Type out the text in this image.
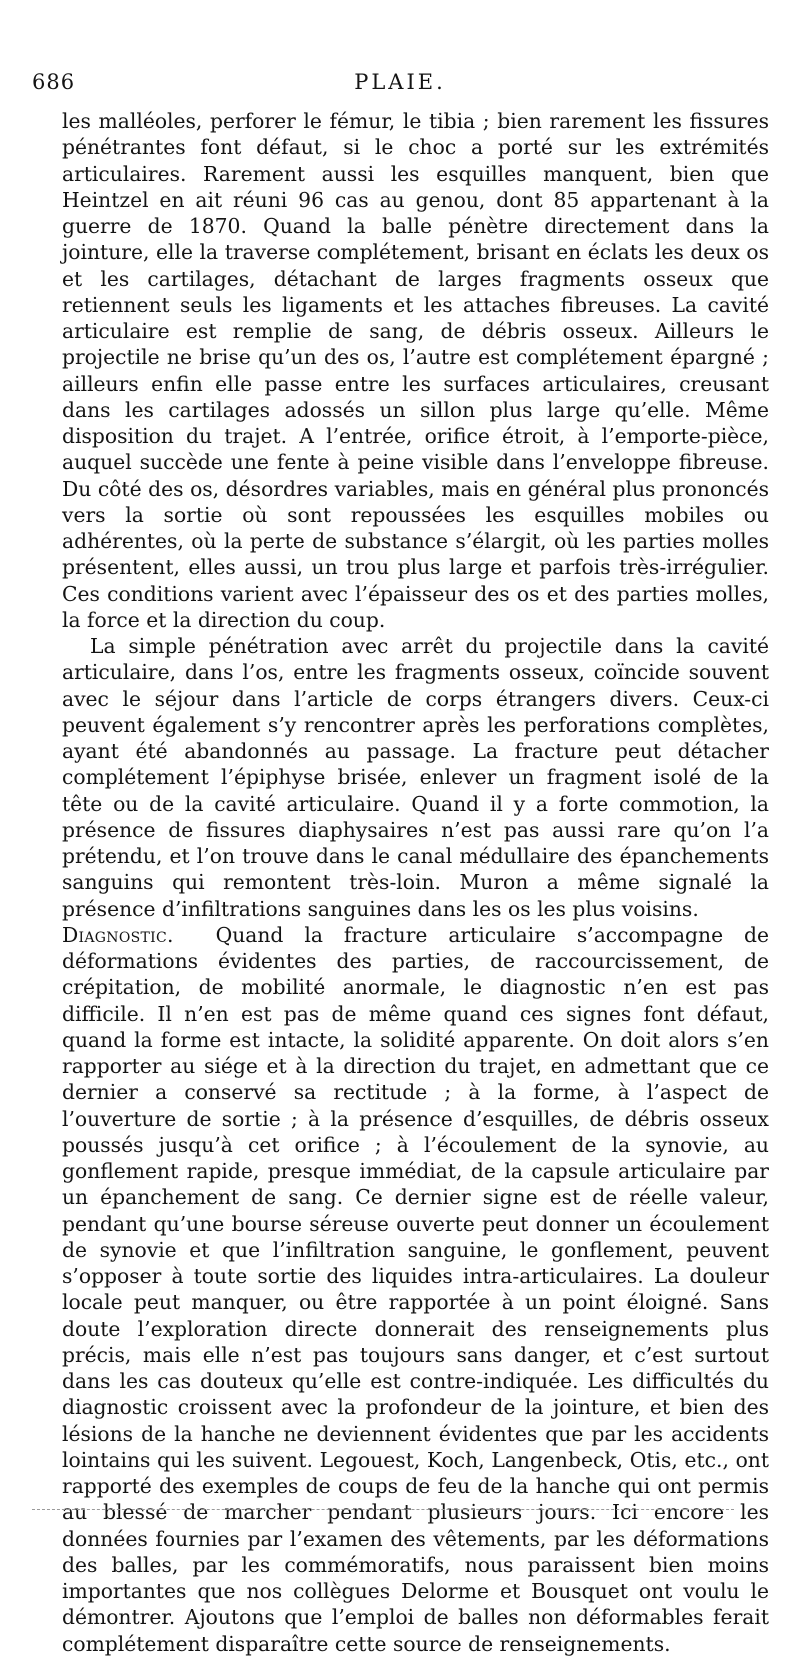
686	PLAIE.

les malléoles, perforer le fémur, le tibia ; bien rarement les fissures pénétrantes font défaut, si le choc a porté sur les extrémités articulaires. Rarement aussi les esquilles manquent, bien que Heintzel en ait réuni 96 cas au genou, dont 85 appartenant à la guerre de 1870. Quand la balle pénètre directement dans la jointure, elle la traverse complétement, brisant en éclats les deux os et les cartilages, détachant de larges fragments osseux que retiennent seuls les ligaments et les attaches fibreuses. La cavité articulaire est remplie de sang, de débris osseux. Ailleurs le projectile ne brise qu’un des os, l’autre est complétement épargné ; ailleurs enfin elle passe entre les surfaces articulaires, creusant dans les cartilages adossés un sillon plus large qu’elle. Même disposition du trajet. A l’entrée, orifice étroit, à l’emporte-pièce, auquel succède une fente à peine visible dans l’enveloppe fibreuse. Du côté des os, désordres variables, mais en général plus prononcés vers la sortie où sont repoussées les esquilles mobiles ou adhérentes, où la perte de substance s’élargit, où les parties molles présentent, elles aussi, un trou plus large et parfois très-irrégulier. Ces conditions varient avec l’épaisseur des os et des parties molles, la force et la direction du coup.

La simple pénétration avec arrêt du projectile dans la cavité articulaire, dans l’os, entre les fragments osseux, coïncide souvent avec le séjour dans l’article de corps étrangers divers. Ceux-ci peuvent également s’y rencontrer après les perforations complètes, ayant été abandonnés au passage. La fracture peut détacher complétement l’épiphyse brisée, enlever un fragment isolé de la tête ou de la cavité articulaire. Quand il y a forte commotion, la présence de fissures diaphysaires n’est pas aussi rare qu’on l’a prétendu, et l’on trouve dans le canal médullaire des épanchements sanguins qui remontent très-loin. Muron a même signalé la présence d’infiltrations sanguines dans les os les plus voisins.

Diagnostic. Quand la fracture articulaire s’accompagne de déformations évidentes des parties, de raccourcissement, de crépitation, de mobilité anormale, le diagnostic n’en est pas difficile. Il n’en est pas de même quand ces signes font défaut, quand la forme est intacte, la solidité apparente. On doit alors s’en rapporter au siége et à la direction du trajet, en admettant que ce dernier a conservé sa rectitude ; à la forme, à l’aspect de l’ouverture de sortie ; à la présence d’esquilles, de débris osseux poussés jusqu’à cet orifice ; à l’écoulement de la synovie, au gonflement rapide, presque immédiat, de la capsule articulaire par un épanchement de sang. Ce dernier signe est de réelle valeur, pendant qu’une bourse séreuse ouverte peut donner un écoulement de synovie et que l’infiltration sanguine, le gonflement, peuvent s’opposer à toute sortie des liquides intra-articulaires. La douleur locale peut manquer, ou être rapportée à un point éloigné. Sans doute l’exploration directe donnerait des renseignements plus précis, mais elle n’est pas toujours sans danger, et c’est surtout dans les cas douteux qu’elle est contre-indiquée. Les difficultés du diagnostic croissent avec la profondeur de la jointure, et bien des lésions de la hanche ne deviennent évidentes que par les accidents lointains qui les suivent. Legouest, Koch, Langenbeck, Otis, etc., ont rapporté des exemples de coups de feu de la hanche qui ont permis au blessé de marcher pendant plusieurs jours. Ici encore les données fournies par l’examen des vêtements, par les déformations des balles, par les commémoratifs, nous paraissent bien moins importantes que nos collègues Delorme et Bousquet ont voulu le démontrer. Ajoutons que l’emploi de balles non déformables ferait complétement disparaître cette source de renseignements.
